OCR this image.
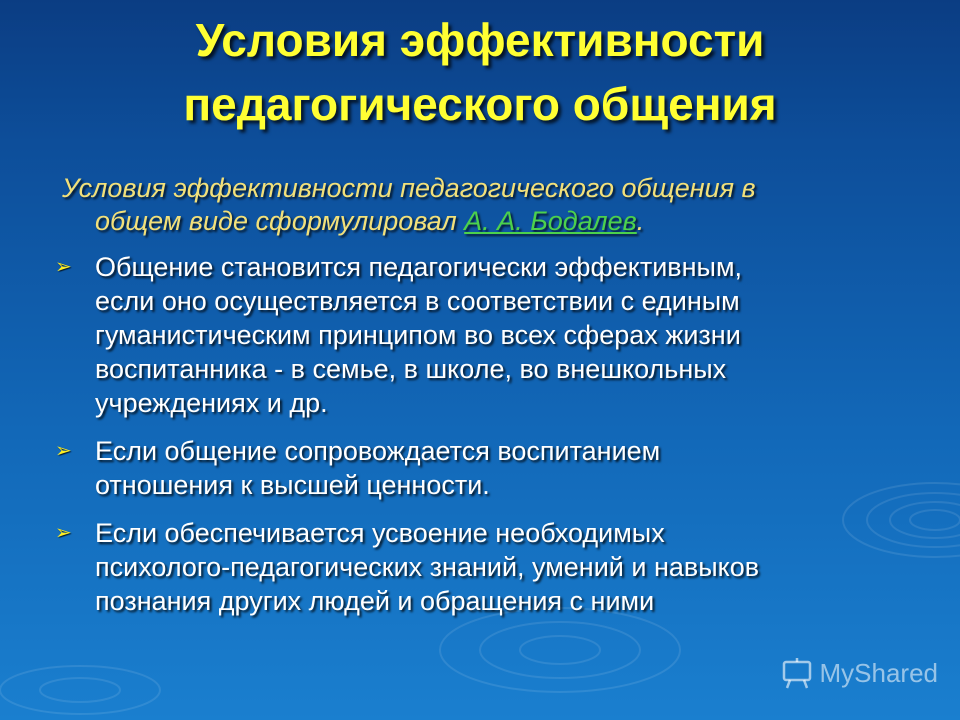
Условия эффективности
педагогического общения
Условия эффективности педагогического общения в
общем виде сформулировал А. А. Бодалев.
➢ Общение становится педагогически эффективным,
если оно осуществляется в соответствии с единым
гуманистическим принципом во всех сферах жизни
воспитанника - в семье, в школе, во внешкольных
учреждениях и др.
➢ Если общение сопровождается воспитанием
отношения к высшей ценности.
➢ Если обеспечивается усвоение необходимых
психолого-педагогических знаний, умений и навыков
познания других людей и обращения с ними
MyShared
